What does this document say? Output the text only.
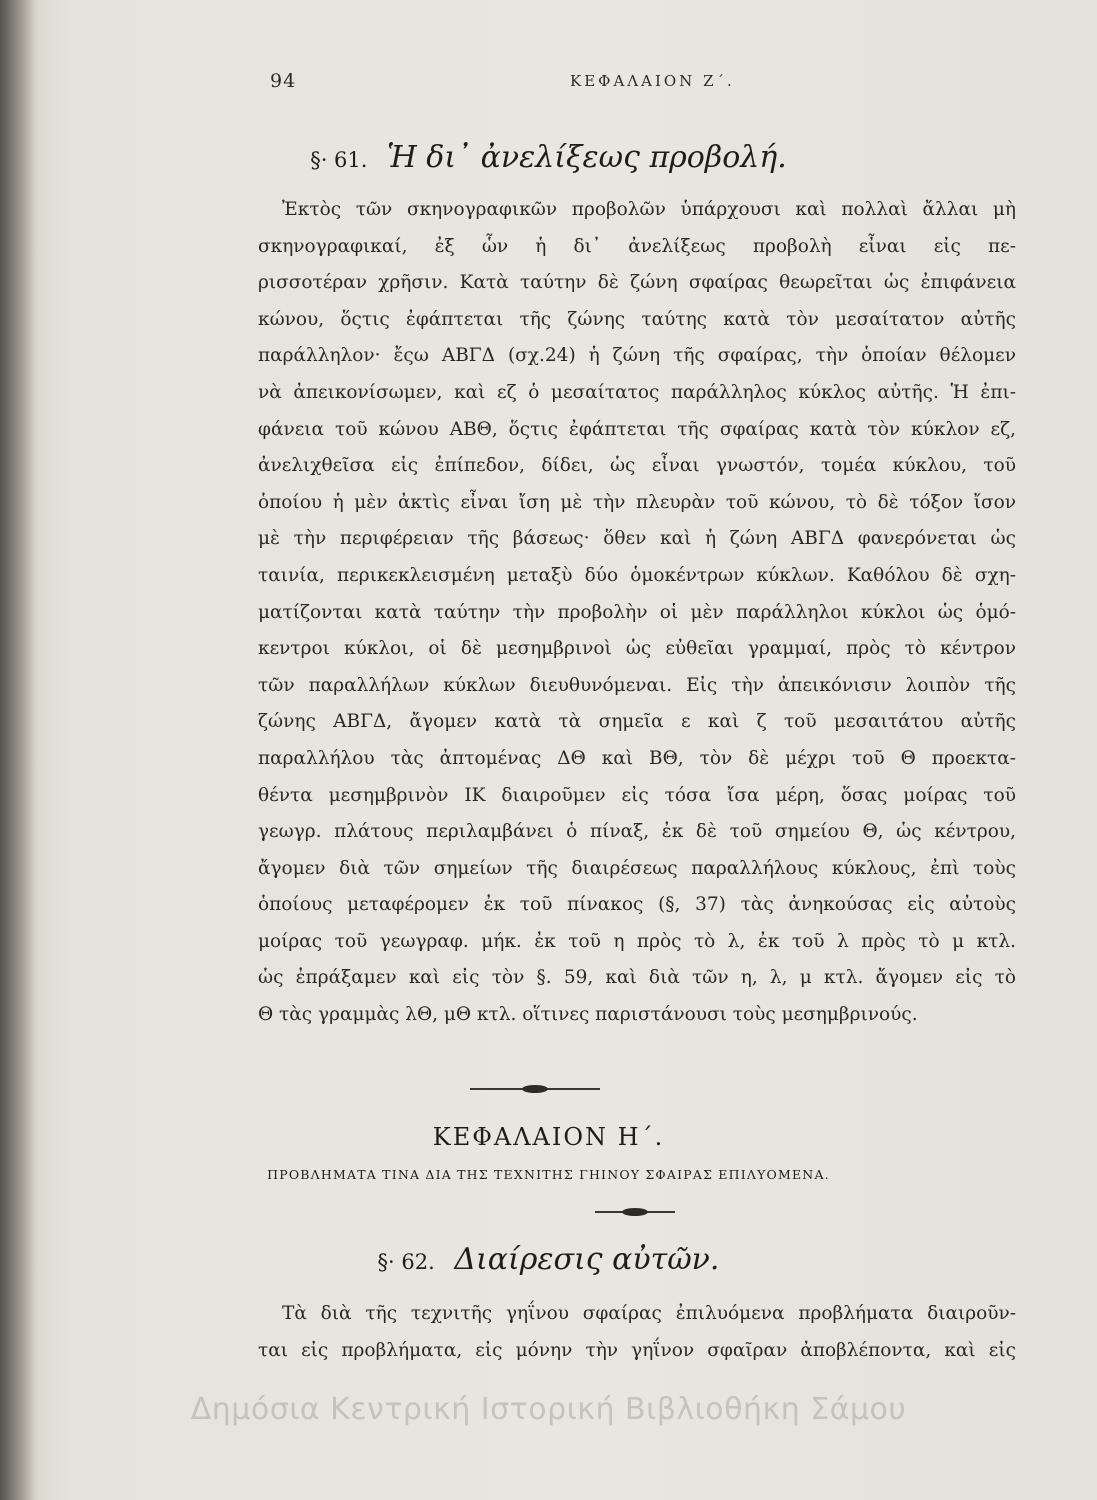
94	ΚΕΦΑΛΑΙΟΝ Ζ΄.
§· 61. Ἡ δι᾽ ἀνελίξεως προβολή.
Ἐκτὸς τῶν σκηνογραφικῶν προβολῶν ὑπάρχουσι καὶ πολλαὶ ἄλλαι μὴ
σκηνογραφικαί, ἐξ ὧν ἡ δι᾽ ἀνελίξεως προβολὴ εἶναι εἰς πε-
ρισσοτέραν χρῆσιν. Κατὰ ταύτην δὲ ζώνη σφαίρας θεωρεῖται ὡς ἐπιφάνεια
κώνου, ὅςτις ἐφάπτεται τῆς ζώνης ταύτης κατὰ τὸν μεσαίτατον αὐτῆς
παράλληλον· ἔςω ΑΒΓΔ (σχ.24) ἡ ζώνη τῆς σφαίρας, τὴν ὁποίαν θέλομεν
νὰ ἀπεικονίσωμεν, καὶ εζ ὁ μεσαίτατος παράλληλος κύκλος αὐτῆς. Ἡ ἐπι-
φάνεια τοῦ κώνου ΑΒΘ, ὅςτις ἐφάπτεται τῆς σφαίρας κατὰ τὸν κύκλον εζ,
ἀνελιχθεῖσα εἰς ἐπίπεδον, δίδει, ὡς εἶναι γνωστόν, τομέα κύκλου, τοῦ
ὁποίου ἡ μὲν ἀκτὶς εἶναι ἴση μὲ τὴν πλευρὰν τοῦ κώνου, τὸ δὲ τόξον ἴσον
μὲ τὴν περιφέρειαν τῆς βάσεως· ὅθεν καὶ ἡ ζώνη ΑΒΓΔ φανερόνεται ὡς
ταινία, περικεκλεισμένη μεταξὺ δύο ὁμοκέντρων κύκλων. Καθόλου δὲ σχη-
ματίζονται κατὰ ταύτην τὴν προβολὴν οἱ μὲν παράλληλοι κύκλοι ὡς ὁμό-
κεντροι κύκλοι, οἱ δὲ μεσημβρινοὶ ὡς εὐθεῖαι γραμμαί, πρὸς τὸ κέντρον
τῶν παραλλήλων κύκλων διευθυνόμεναι. Εἰς τὴν ἀπεικόνισιν λοιπὸν τῆς
ζώνης ΑΒΓΔ, ἄγομεν κατὰ τὰ σημεῖα ε καὶ ζ τοῦ μεσαιτάτου αὐτῆς
παραλλήλου τὰς ἀπτομένας ΔΘ καὶ ΒΘ, τὸν δὲ μέχρι τοῦ Θ προεκτα-
θέντα μεσημβρινὸν ΙΚ διαιροῦμεν εἰς τόσα ἴσα μέρη, ὅσας μοίρας τοῦ
γεωγρ. πλάτους περιλαμβάνει ὁ πίναξ, ἐκ δὲ τοῦ σημείου Θ, ὡς κέντρου,
ἄγομεν διὰ τῶν σημείων τῆς διαιρέσεως παραλλήλους κύκλους, ἐπὶ τοὺς
ὁποίους μεταφέρομεν ἐκ τοῦ πίνακος (§, 37) τὰς ἀνηκούσας εἰς αὐτοὺς
μοίρας τοῦ γεωγραφ. μήκ. ἐκ τοῦ η πρὸς τὸ λ, ἐκ τοῦ λ πρὸς τὸ μ κτλ.
ὡς ἐπράξαμεν καὶ εἰς τὸν §. 59, καὶ διὰ τῶν η, λ, μ κτλ. ἄγομεν εἰς τὸ
Θ τὰς γραμμὰς λΘ, μΘ κτλ. οἵτινες παριστάνουσι τοὺς μεσημβρινούς.
ΚΕΦΑΛΑΙΟΝ Η΄.
ΠΡΟΒΛΗΜΑΤΑ ΤΙΝΑ ΔΙΑ ΤΗΣ ΤΕΧΝΙΤΗΣ ΓΗΙΝΟΥ ΣΦΑΙΡΑΣ ΕΠΙΛΥΟΜΕΝΑ.
§· 62. Διαίρεσις αὐτῶν.
Τὰ διὰ τῆς τεχνιτῆς γηΐνου σφαίρας ἐπιλυόμενα προβλήματα διαιροῦν-
ται εἰς προβλήματα, εἰς μόνην τὴν γηΐνον σφαῖραν ἀποβλέποντα, καὶ εἰς
Δημόσια Κεντρική Ιστορική Βιβλιοθήκη Σάμου
